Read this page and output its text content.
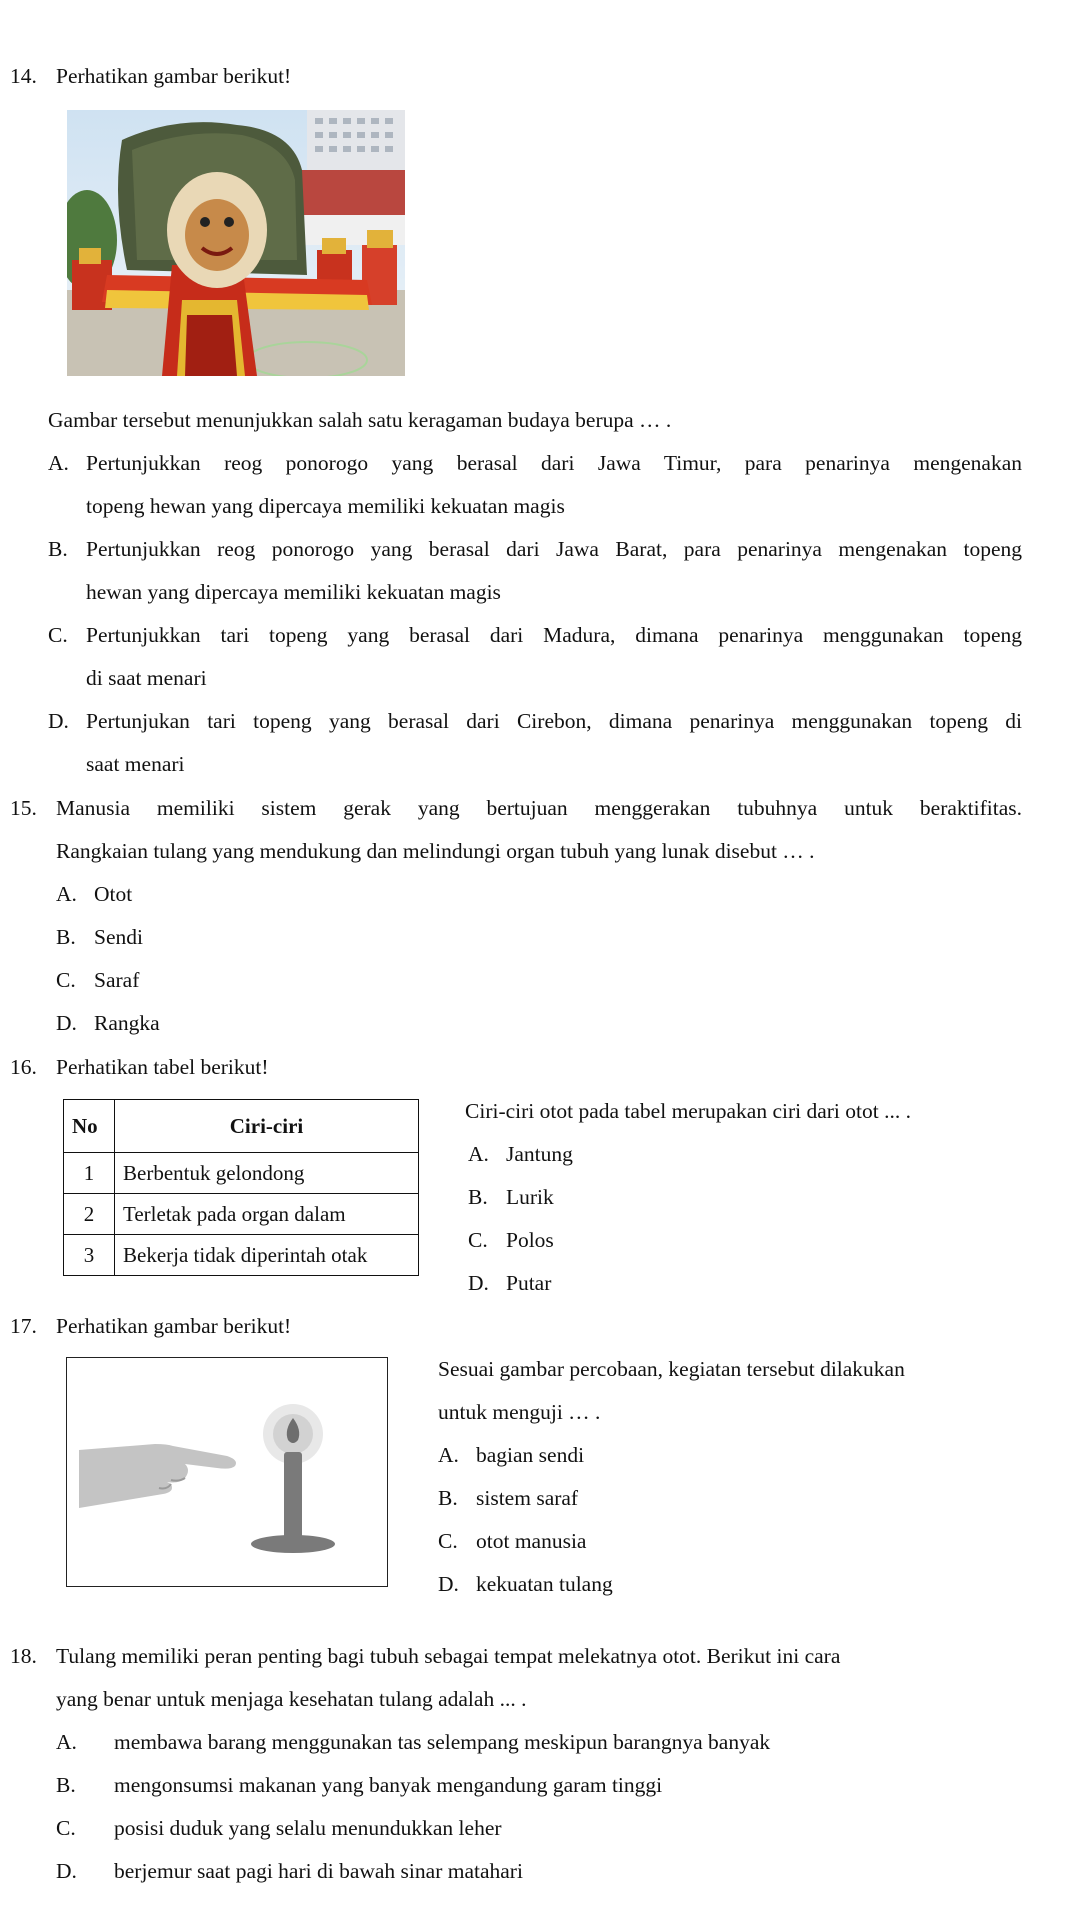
14. Perhatikan gambar berikut!
Gambar tersebut menunjukkan salah satu keragaman budaya berupa … .
A. Pertunjukkan reog ponorogo yang berasal dari Jawa Timur, para penarinya mengenakan
topeng hewan yang dipercaya memiliki kekuatan magis
B. Pertunjukkan reog ponorogo yang berasal dari Jawa Barat, para penarinya mengenakan topeng
hewan yang dipercaya memiliki kekuatan magis
C. Pertunjukkan tari topeng yang berasal dari Madura, dimana penarinya menggunakan topeng
di saat menari
D. Pertunjukan tari topeng yang berasal dari Cirebon, dimana penarinya menggunakan topeng di
saat menari
15. Manusia memiliki sistem gerak yang bertujuan menggerakan tubuhnya untuk beraktifitas.
Rangkaian tulang yang mendukung dan melindungi organ tubuh yang lunak disebut … .
A. Otot
B. Sendi
C. Saraf
D. Rangka
16. Perhatikan tabel berikut!
No	Ciri-ciri
1	Berbentuk gelondong
2	Terletak pada organ dalam
3	Bekerja tidak diperintah otak
Ciri-ciri otot pada tabel merupakan ciri dari otot ... .
A. Jantung
B. Lurik
C. Polos
D. Putar
17. Perhatikan gambar berikut!
Sesuai gambar percobaan, kegiatan tersebut dilakukan
untuk menguji … .
A. bagian sendi
B. sistem saraf
C. otot manusia
D. kekuatan tulang
18. Tulang memiliki peran penting bagi tubuh sebagai tempat melekatnya otot. Berikut ini cara
yang benar untuk menjaga kesehatan tulang adalah ... .
A. membawa barang menggunakan tas selempang meskipun barangnya banyak
B. mengonsumsi makanan yang banyak mengandung garam tinggi
C. posisi duduk yang selalu menundukkan leher
D. berjemur saat pagi hari di bawah sinar matahari
